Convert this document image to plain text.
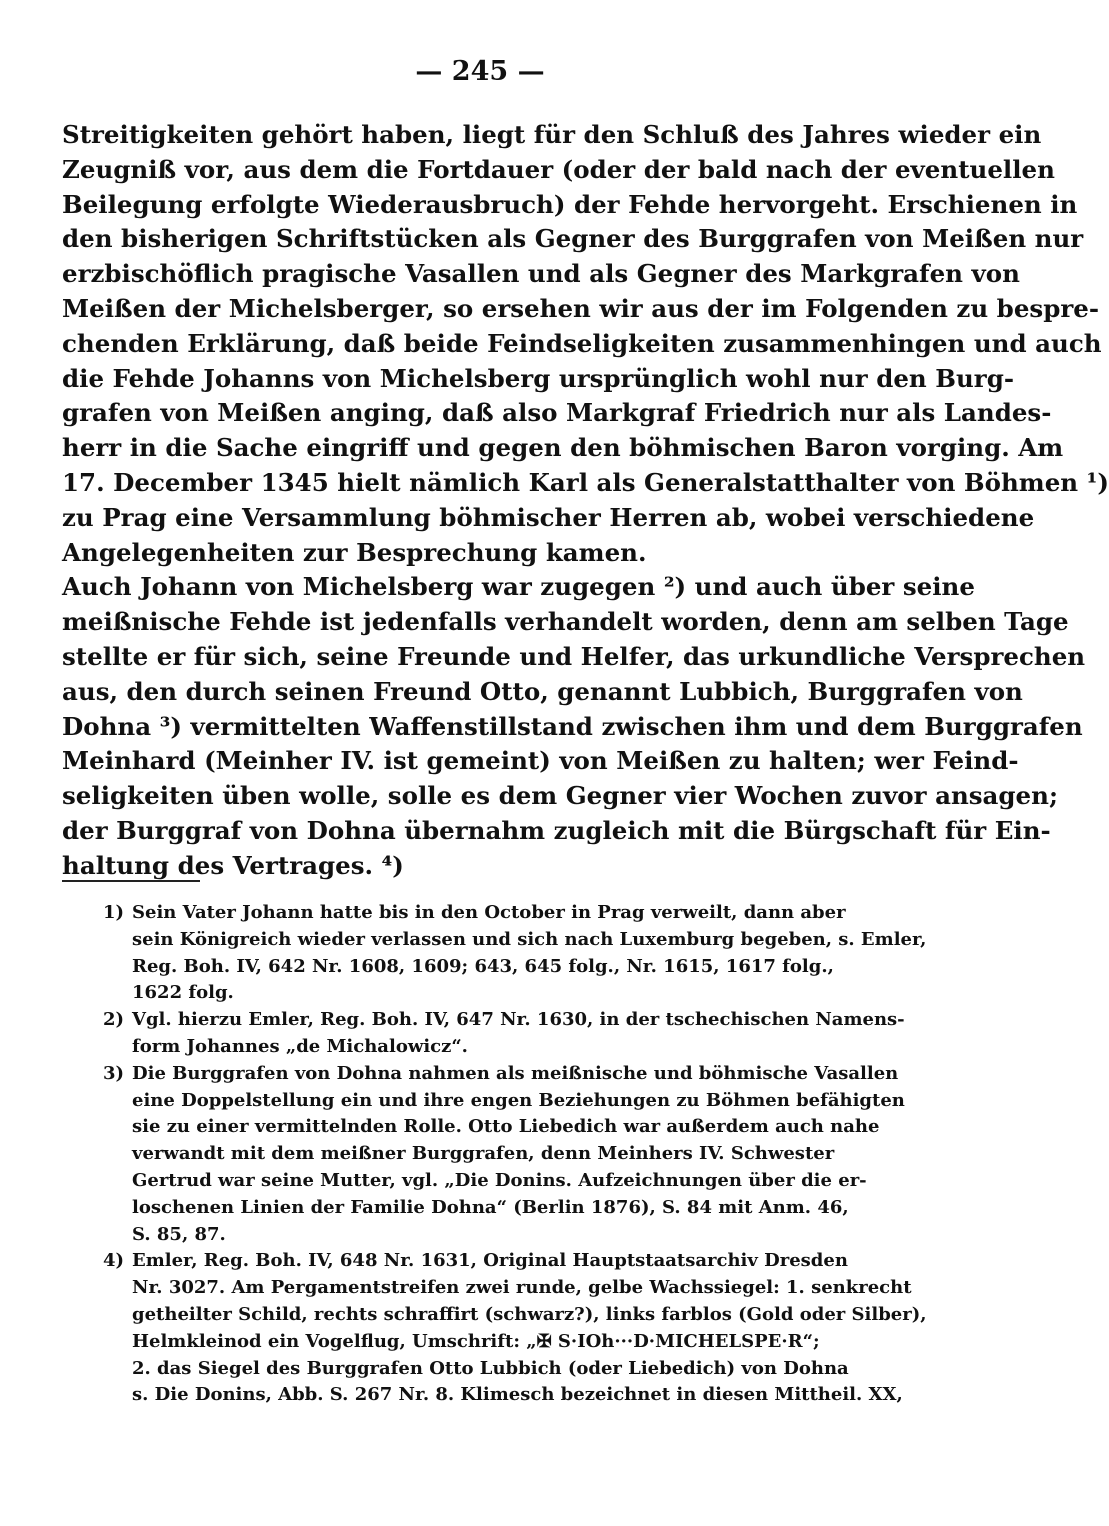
— 245 —
Streitigkeiten gehört haben, liegt für den Schluß des Jahres wieder ein
Zeugniß vor, aus dem die Fortdauer (oder der bald nach der eventuellen
Beilegung erfolgte Wiederausbruch) der Fehde hervorgeht. Erschienen in
den bisherigen Schriftstücken als Gegner des Burggrafen von Meißen nur
erzbischöflich pragische Vasallen und als Gegner des Markgrafen von
Meißen der Michelsberger, so ersehen wir aus der im Folgenden zu bespre-
chenden Erklärung, daß beide Feindseligkeiten zusammenhingen und auch
die Fehde Johanns von Michelsberg ursprünglich wohl nur den Burg-
grafen von Meißen anging, daß also Markgraf Friedrich nur als Landes-
herr in die Sache eingriff und gegen den böhmischen Baron vorging. Am
17. December 1345 hielt nämlich Karl als Generalstatthalter von Böhmen ¹)
zu Prag eine Versammlung böhmischer Herren ab, wobei verschiedene
Angelegenheiten zur Besprechung kamen.
Auch Johann von Michelsberg war zugegen ²) und auch über seine
meißnische Fehde ist jedenfalls verhandelt worden, denn am selben Tage
stellte er für sich, seine Freunde und Helfer, das urkundliche Versprechen
aus, den durch seinen Freund Otto, genannt Lubbich, Burggrafen von
Dohna ³) vermittelten Waffenstillstand zwischen ihm und dem Burggrafen
Meinhard (Meinher IV. ist gemeint) von Meißen zu halten; wer Feind-
seligkeiten üben wolle, solle es dem Gegner vier Wochen zuvor ansagen;
der Burggraf von Dohna übernahm zugleich mit die Bürgschaft für Ein-
haltung des Vertrages. ⁴)
1) Sein Vater Johann hatte bis in den October in Prag verweilt, dann aber
sein Königreich wieder verlassen und sich nach Luxemburg begeben, s. Emler,
Reg. Boh. IV, 642 Nr. 1608, 1609; 643, 645 folg., Nr. 1615, 1617 folg.,
1622 folg.
2) Vgl. hierzu Emler, Reg. Boh. IV, 647 Nr. 1630, in der tschechischen Namens-
form Johannes „de Michalowicz“.
3) Die Burggrafen von Dohna nahmen als meißnische und böhmische Vasallen
eine Doppelstellung ein und ihre engen Beziehungen zu Böhmen befähigten
sie zu einer vermittelnden Rolle. Otto Liebedich war außerdem auch nahe
verwandt mit dem meißner Burggrafen, denn Meinhers IV. Schwester
Gertrud war seine Mutter, vgl. „Die Donins. Aufzeichnungen über die er-
loschenen Linien der Familie Dohna“ (Berlin 1876), S. 84 mit Anm. 46,
S. 85, 87.
4) Emler, Reg. Boh. IV, 648 Nr. 1631, Original Hauptstaatsarchiv Dresden
Nr. 3027. Am Pergamentstreifen zwei runde, gelbe Wachssiegel: 1. senkrecht
getheilter Schild, rechts schraffirt (schwarz?), links farblos (Gold oder Silber),
Helmkleinod ein Vogelflug, Umschrift: „✠ S·IOh···D·MICHELSPE·R“;
2. das Siegel des Burggrafen Otto Lubbich (oder Liebedich) von Dohna
s. Die Donins, Abb. S. 267 Nr. 8. Klimesch bezeichnet in diesen Mittheil. XX,
